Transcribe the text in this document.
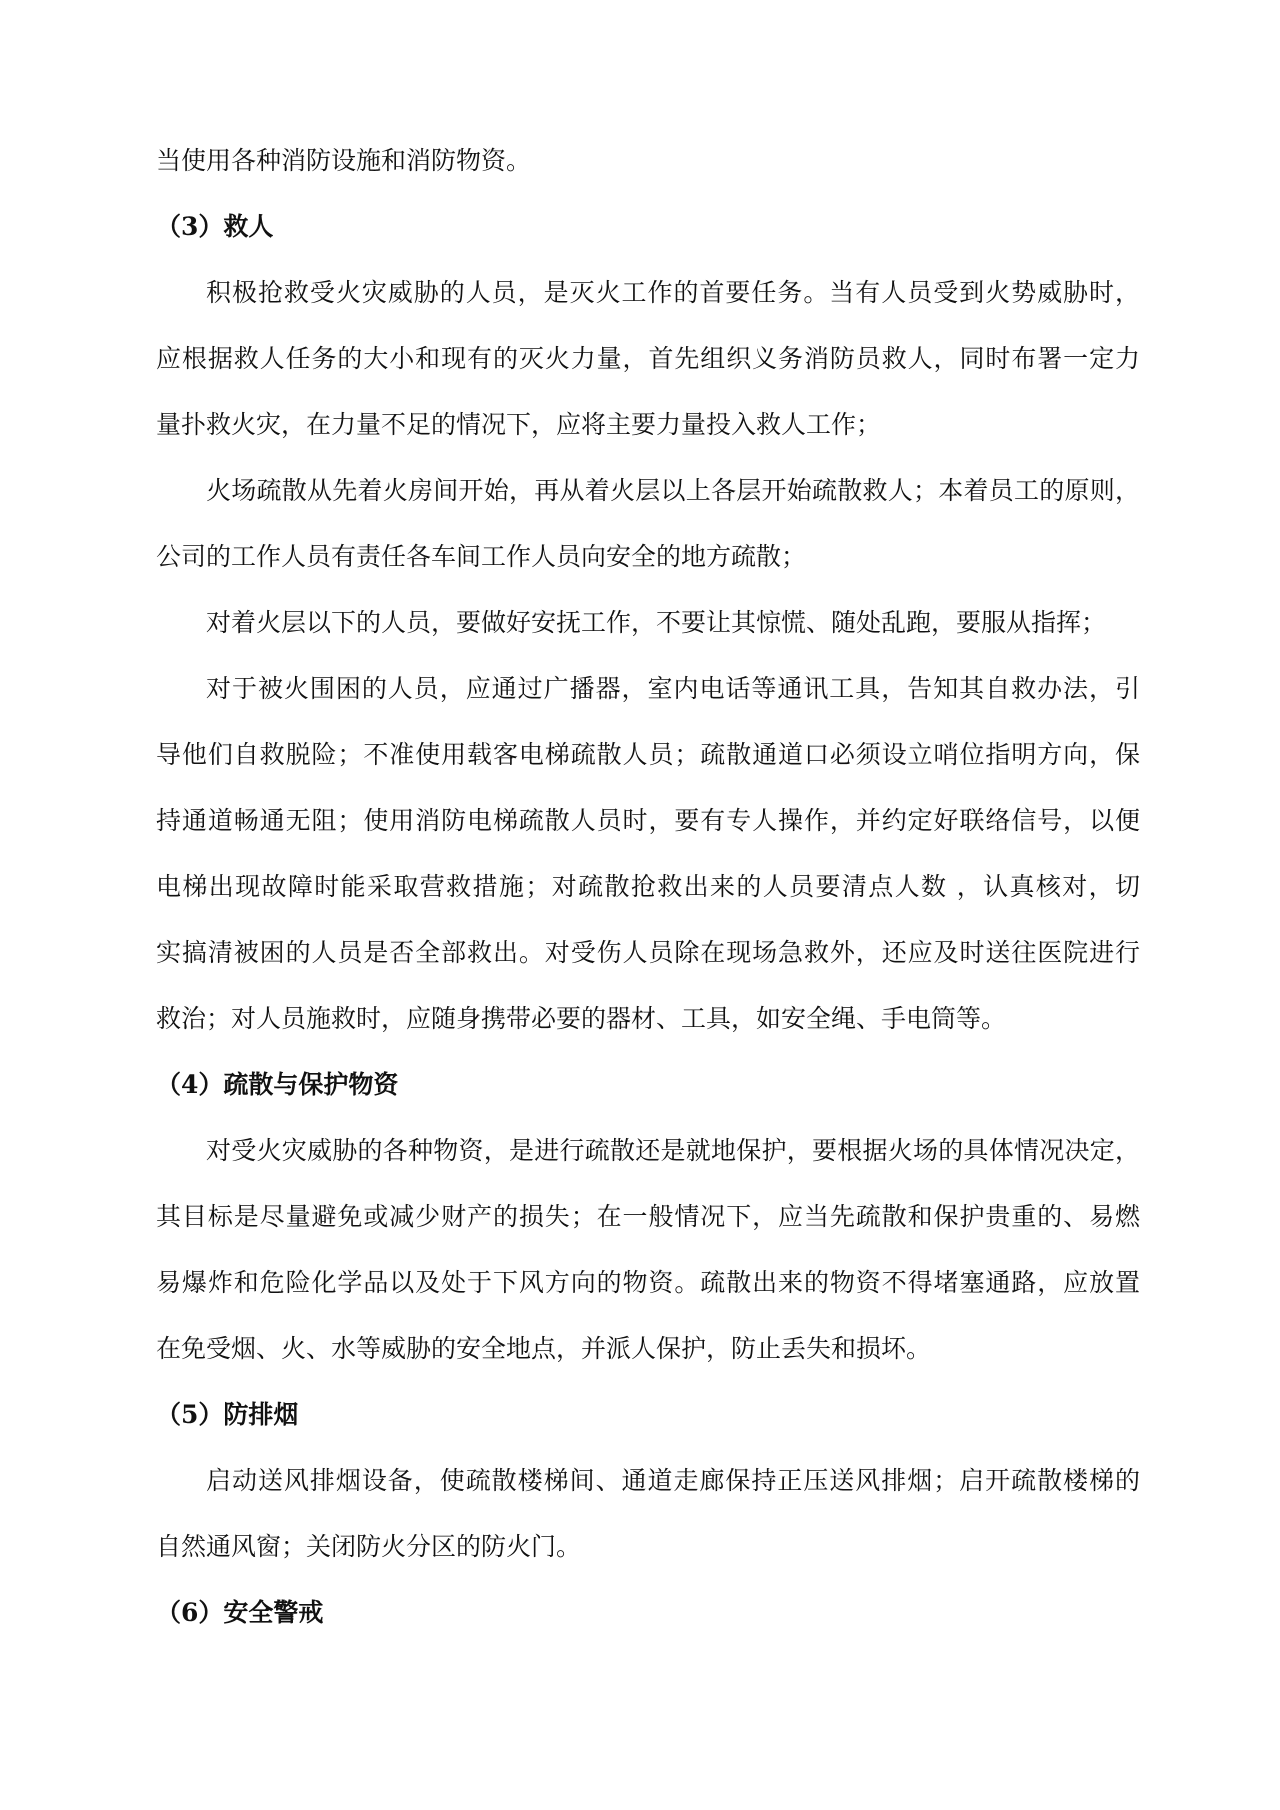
当使用各种消防设施和消防物资。
（3）救人
积极抢救受火灾威胁的人员，是灭火工作的首要任务。当有人员受到火势威胁时，
应根据救人任务的大小和现有的灭火力量，首先组织义务消防员救人，同时布署一定力
量扑救火灾，在力量不足的情况下，应将主要力量投入救人工作；
火场疏散从先着火房间开始，再从着火层以上各层开始疏散救人；本着员工的原则，
公司的工作人员有责任各车间工作人员向安全的地方疏散；
对着火层以下的人员，要做好安抚工作，不要让其惊慌、随处乱跑，要服从指挥；
对于被火围困的人员，应通过广播器，室内电话等通讯工具，告知其自救办法，引
导他们自救脱险；不准使用载客电梯疏散人员；疏散通道口必须设立哨位指明方向，保
持通道畅通无阻；使用消防电梯疏散人员时，要有专人操作，并约定好联络信号，以便
电梯出现故障时能采取营救措施；对疏散抢救出来的人员要清点人数 ，认真核对，切
实搞清被困的人员是否全部救出。对受伤人员除在现场急救外，还应及时送往医院进行
救治；对人员施救时，应随身携带必要的器材、工具，如安全绳、手电筒等。
（4）疏散与保护物资
对受火灾威胁的各种物资，是进行疏散还是就地保护，要根据火场的具体情况决定，
其目标是尽量避免或减少财产的损失；在一般情况下，应当先疏散和保护贵重的、易燃
易爆炸和危险化学品以及处于下风方向的物资。疏散出来的物资不得堵塞通路，应放置
在免受烟、火、水等威胁的安全地点，并派人保护，防止丢失和损坏。
（5）防排烟
启动送风排烟设备，使疏散楼梯间、通道走廊保持正压送风排烟；启开疏散楼梯的
自然通风窗；关闭防火分区的防火门。
（6）安全警戒
